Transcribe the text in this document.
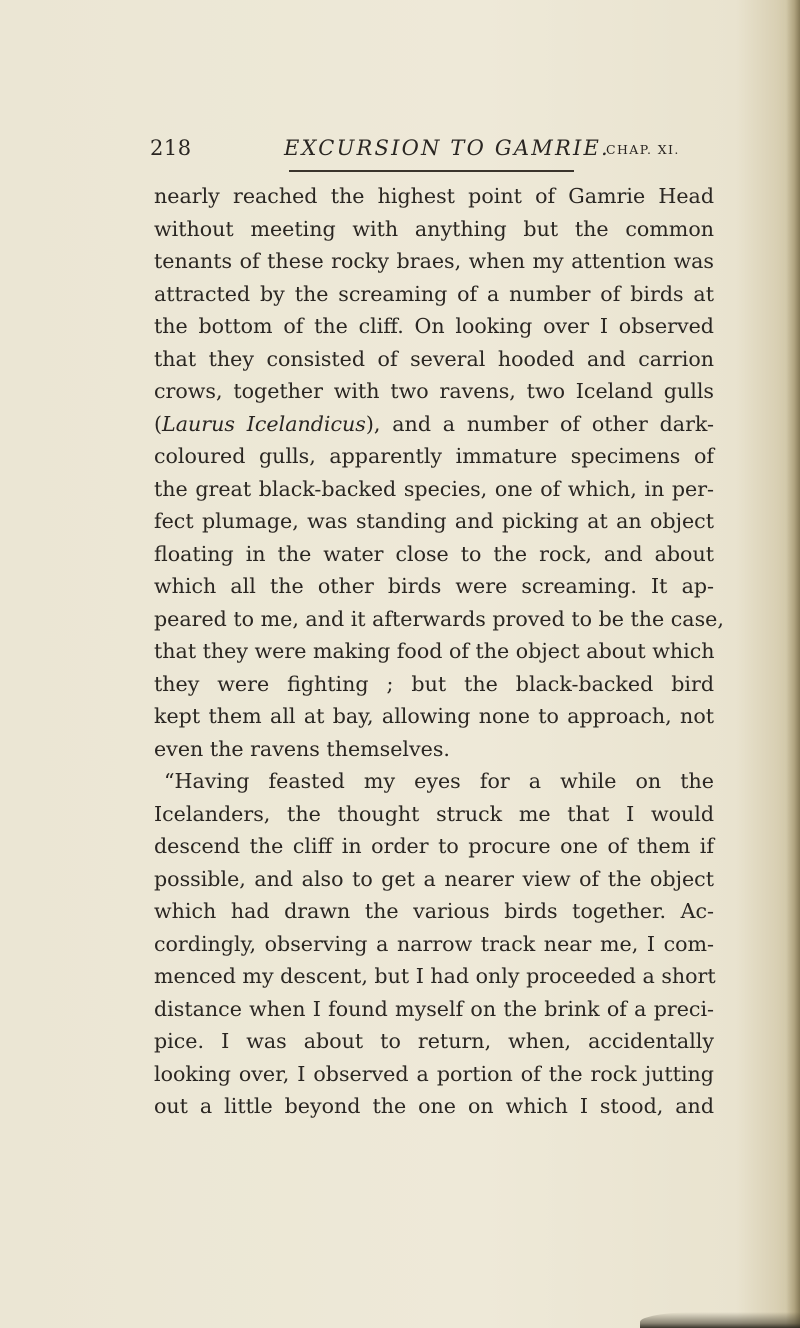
218	EXCURSION TO GAMRIE.
CHAP. XI.
nearly reached the highest point of Gamrie Head
without meeting with anything but the common
tenants of these rocky braes, when my attention was
attracted by the screaming of a number of birds at
the bottom of the cliff. On looking over I observed
that they consisted of several hooded and carrion
crows, together with two ravens, two Iceland gulls
(Laurus Icelandicus), and a number of other dark-
coloured gulls, apparently immature specimens of
the great black-backed species, one of which, in per-
fect plumage, was standing and picking at an object
floating in the water close to the rock, and about
which all the other birds were screaming. It ap-
peared to me, and it afterwards proved to be the case,
that they were making food of the object about which
they were fighting ; but the black-backed bird
kept them all at bay, allowing none to approach, not
even the ravens themselves.
“Having feasted my eyes for a while on the
Icelanders, the thought struck me that I would
descend the cliff in order to procure one of them if
possible, and also to get a nearer view of the object
which had drawn the various birds together. Ac-
cordingly, observing a narrow track near me, I com-
menced my descent, but I had only proceeded a short
distance when I found myself on the brink of a preci-
pice. I was about to return, when, accidentally
looking over, I observed a portion of the rock jutting
out a little beyond the one on which I stood, and
